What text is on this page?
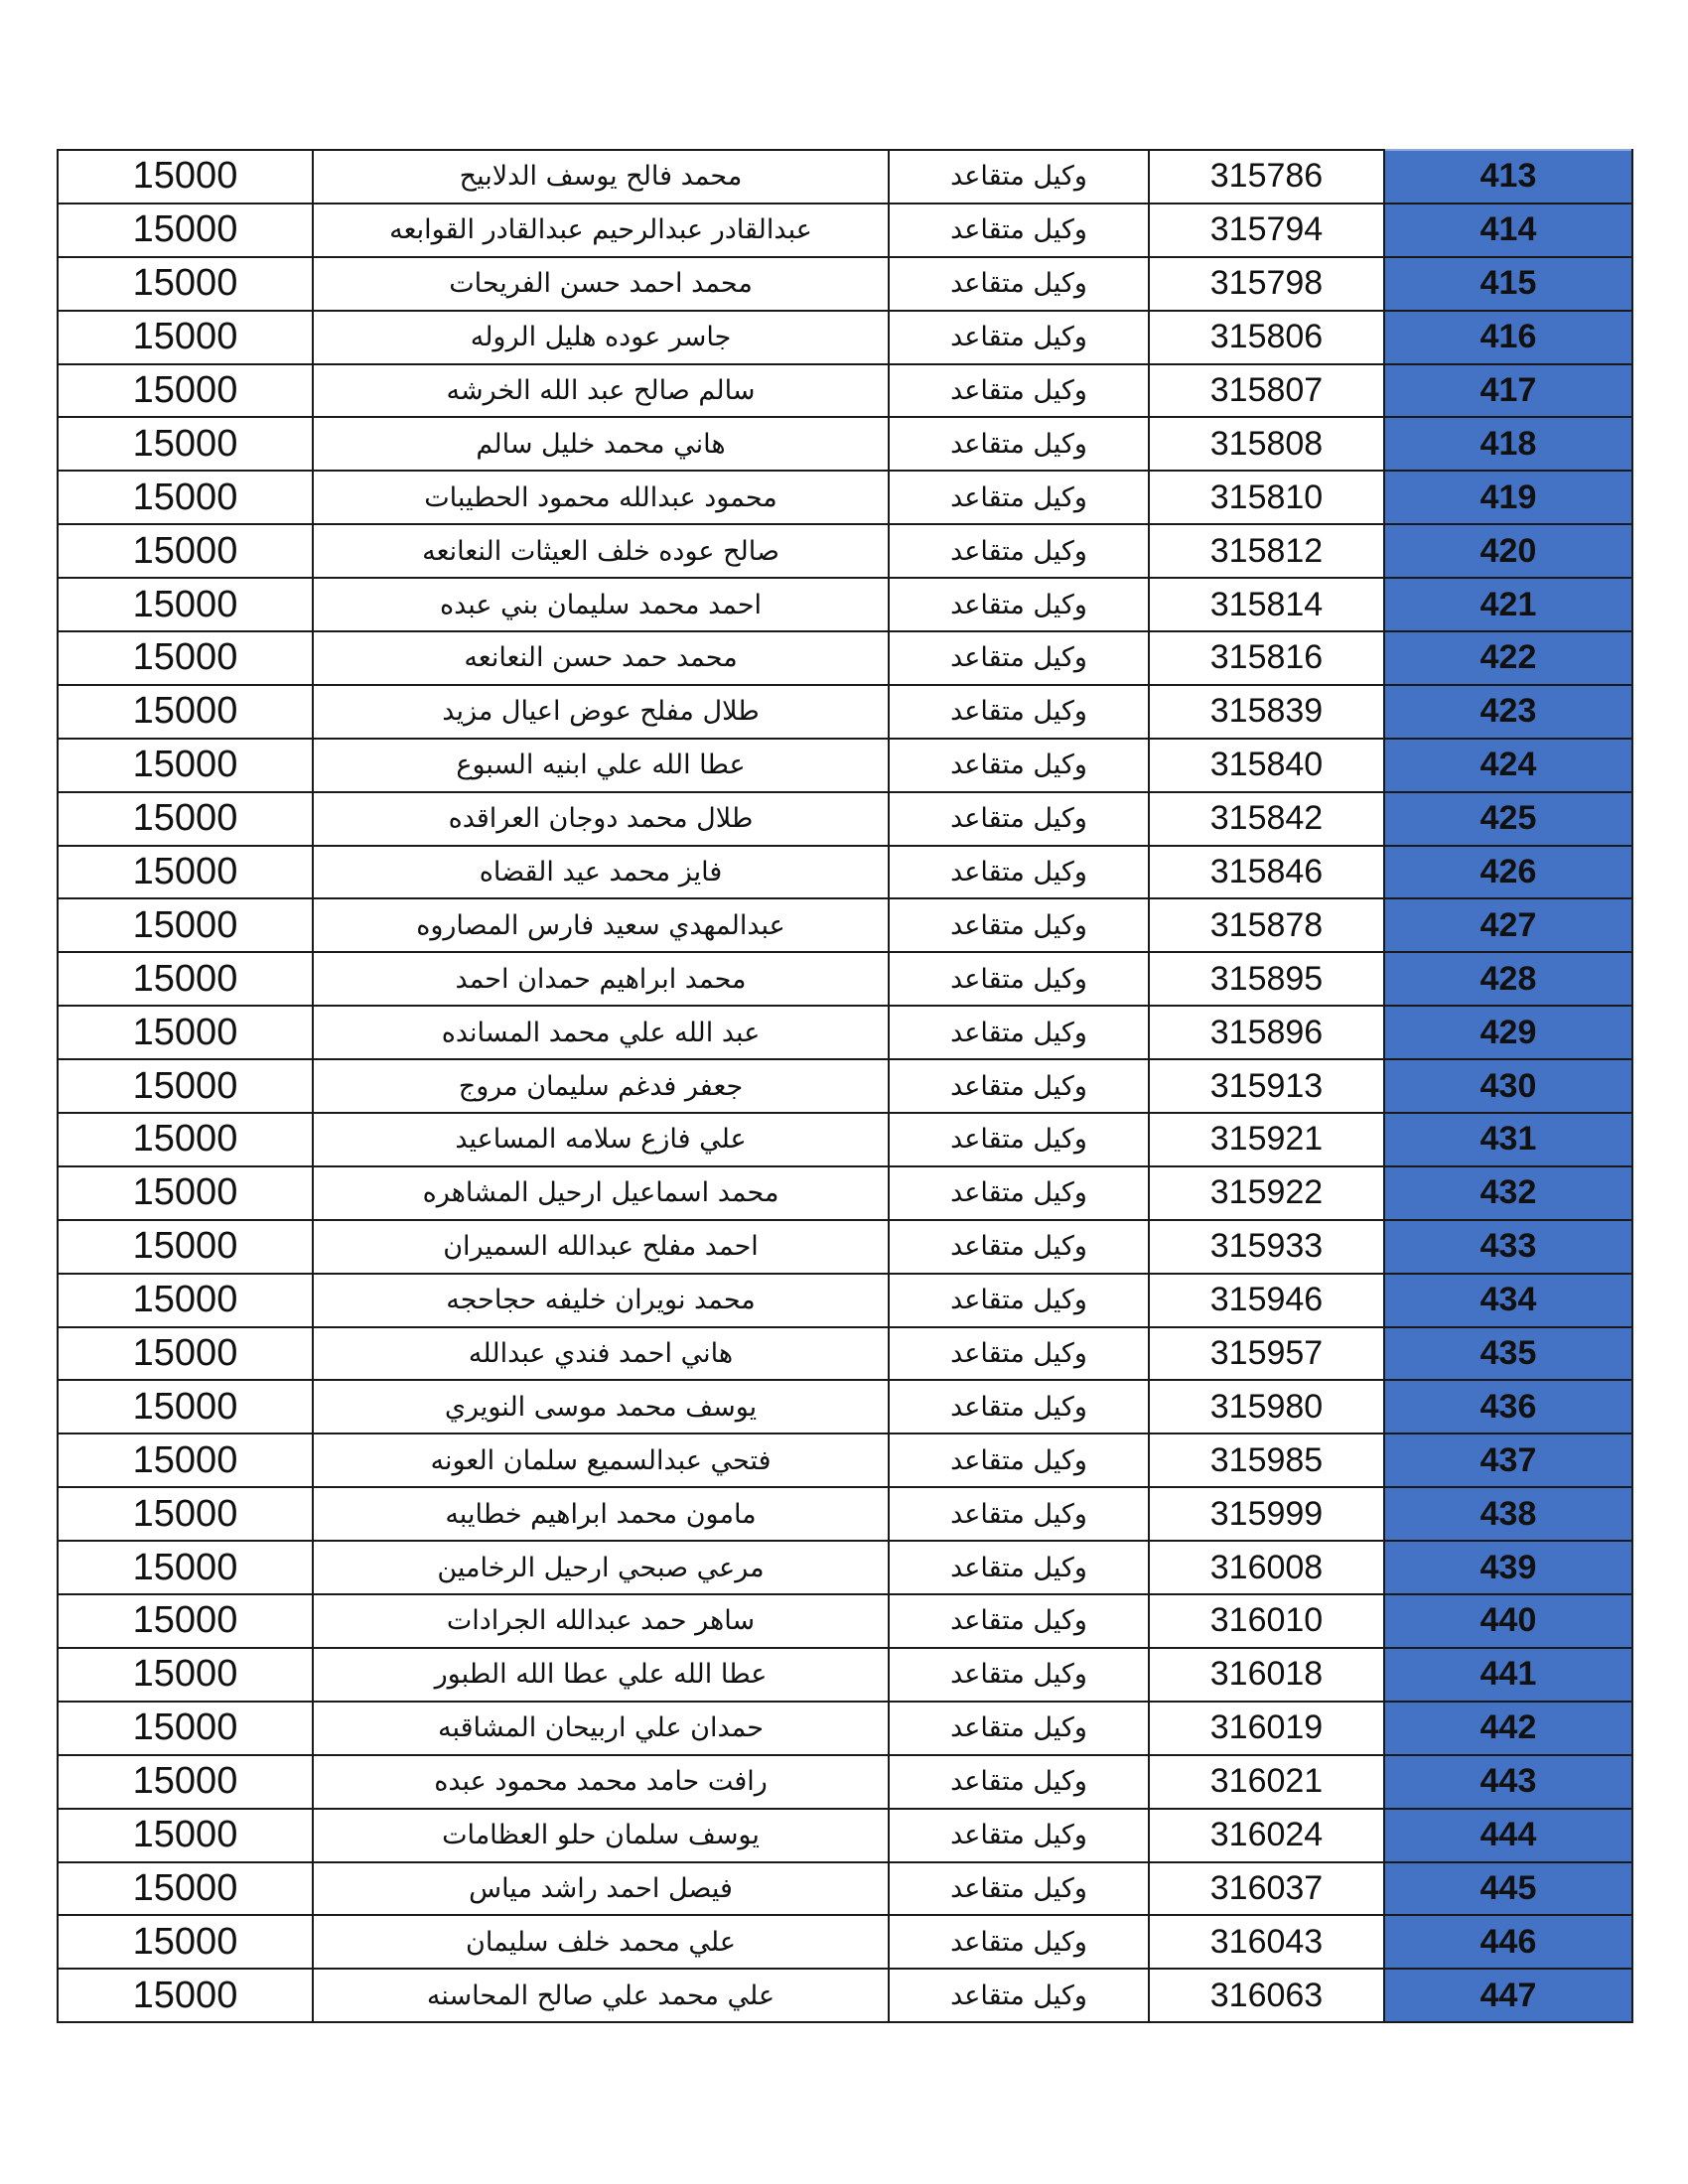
15000	محمد فالح يوسف الدلابيح	وكيل متقاعد	315786	413
15000	عبدالقادر عبدالرحيم عبدالقادر القوابعه	وكيل متقاعد	315794	414
15000	محمد احمد حسن الفريحات	وكيل متقاعد	315798	415
15000	جاسر عوده هليل الروله	وكيل متقاعد	315806	416
15000	سالم صالح عبد الله الخرشه	وكيل متقاعد	315807	417
15000	هاني محمد خليل سالم	وكيل متقاعد	315808	418
15000	محمود عبدالله محمود الحطيبات	وكيل متقاعد	315810	419
15000	صالح عوده خلف العيثات النعانعه	وكيل متقاعد	315812	420
15000	احمد محمد سليمان بني عبده	وكيل متقاعد	315814	421
15000	محمد حمد حسن النعانعه	وكيل متقاعد	315816	422
15000	طلال مفلح عوض اعيال مزيد	وكيل متقاعد	315839	423
15000	عطا الله علي ابنيه السبوع	وكيل متقاعد	315840	424
15000	طلال محمد دوجان العراقده	وكيل متقاعد	315842	425
15000	فايز محمد عيد القضاه	وكيل متقاعد	315846	426
15000	عبدالمهدي سعيد فارس المصاروه	وكيل متقاعد	315878	427
15000	محمد ابراهيم حمدان احمد	وكيل متقاعد	315895	428
15000	عبد الله علي محمد المسانده	وكيل متقاعد	315896	429
15000	جعفر فدغم سليمان مروج	وكيل متقاعد	315913	430
15000	علي فازع سلامه المساعيد	وكيل متقاعد	315921	431
15000	محمد اسماعيل ارحيل المشاهره	وكيل متقاعد	315922	432
15000	احمد مفلح عبدالله السميران	وكيل متقاعد	315933	433
15000	محمد نويران خليفه حجاحجه	وكيل متقاعد	315946	434
15000	هاني احمد فندي عبدالله	وكيل متقاعد	315957	435
15000	يوسف محمد موسى النويري	وكيل متقاعد	315980	436
15000	فتحي عبدالسميع سلمان العونه	وكيل متقاعد	315985	437
15000	مامون محمد ابراهيم خطايبه	وكيل متقاعد	315999	438
15000	مرعي صبحي ارحيل الرخامين	وكيل متقاعد	316008	439
15000	ساهر حمد عبدالله الجرادات	وكيل متقاعد	316010	440
15000	عطا الله علي عطا الله الطبور	وكيل متقاعد	316018	441
15000	حمدان علي اربيحان المشاقبه	وكيل متقاعد	316019	442
15000	رافت حامد محمد محمود عبده	وكيل متقاعد	316021	443
15000	يوسف سلمان حلو العظامات	وكيل متقاعد	316024	444
15000	فيصل احمد راشد مياس	وكيل متقاعد	316037	445
15000	علي محمد خلف سليمان	وكيل متقاعد	316043	446
15000	علي محمد علي صالح المحاسنه	وكيل متقاعد	316063	447
